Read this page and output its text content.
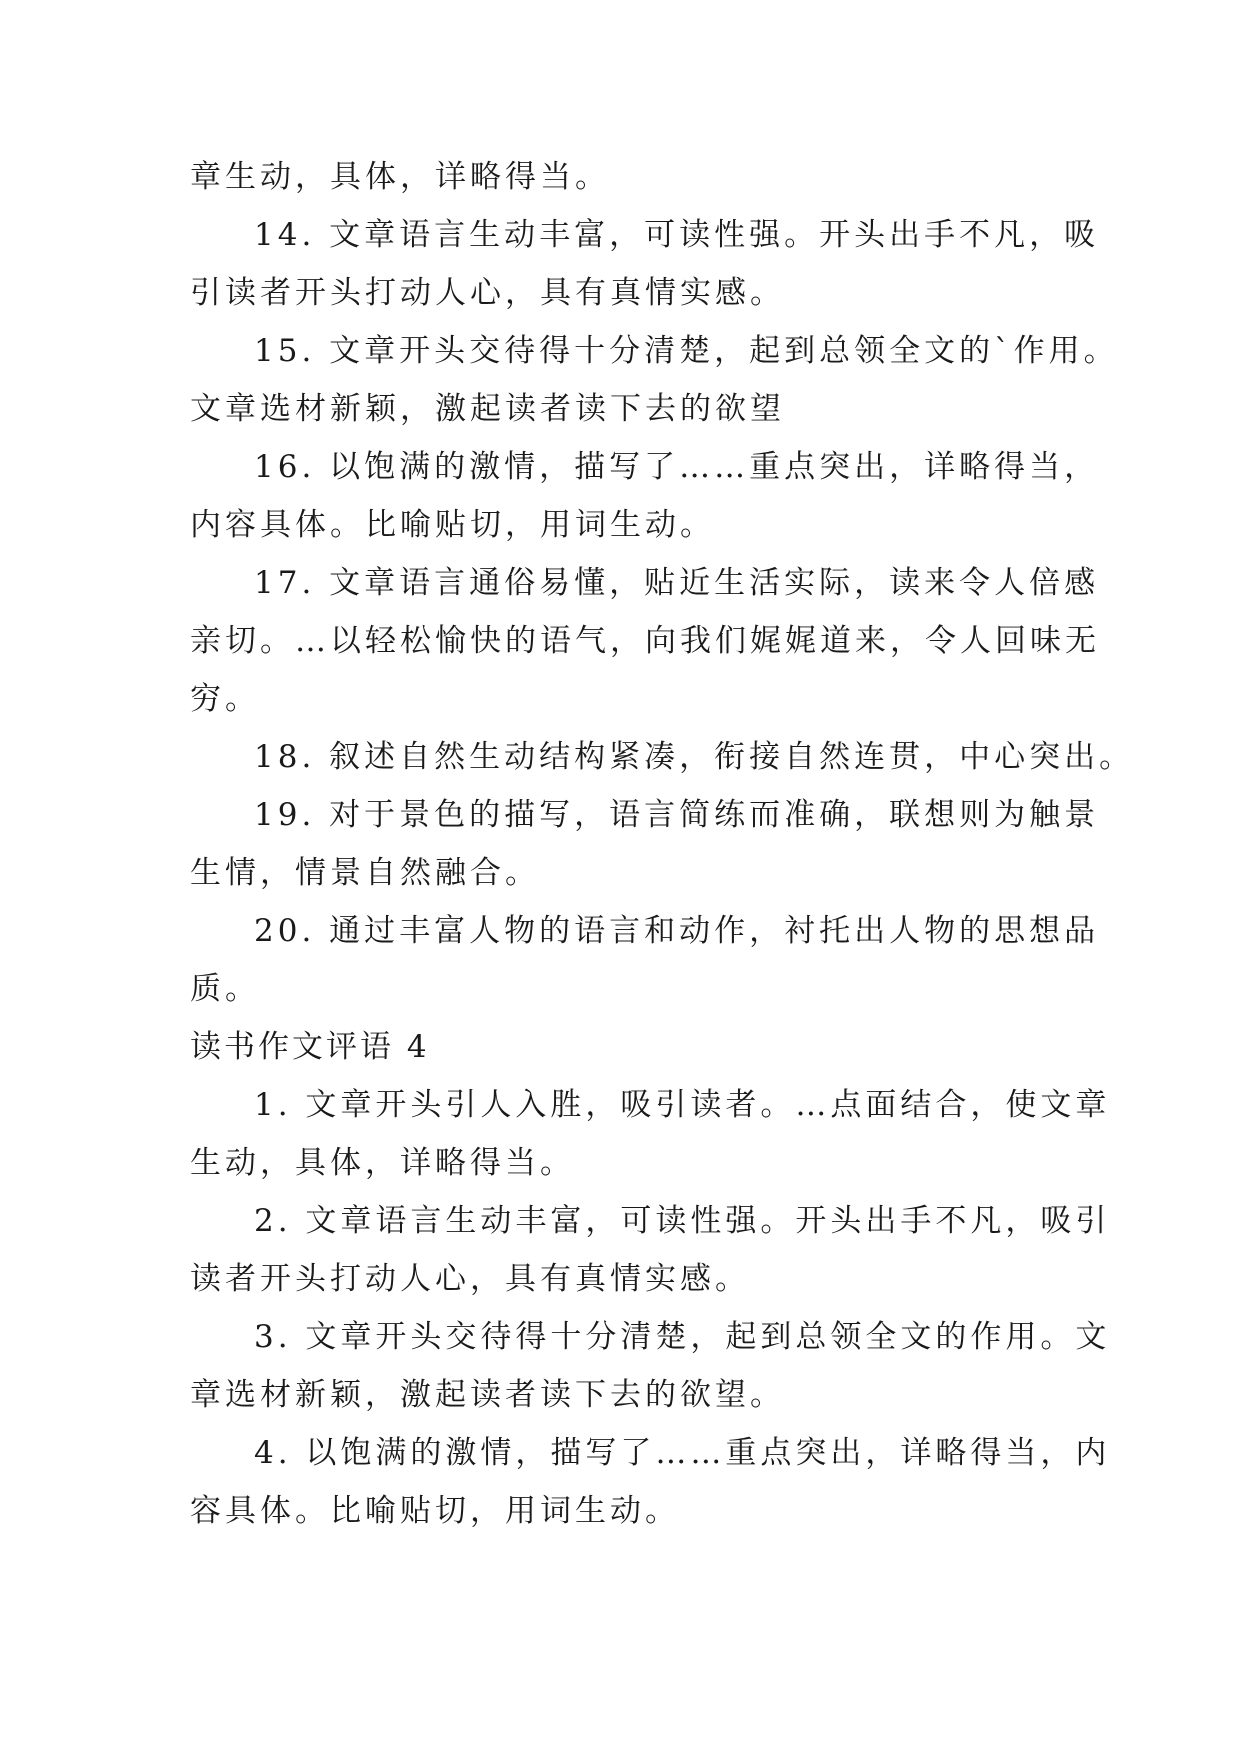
章生动，具体，详略得当。
14. 文章语言生动丰富，可读性强。开头出手不凡，吸
引读者开头打动人心，具有真情实感。
15. 文章开头交待得十分清楚，起到总领全文的`作用。
文章选材新颖，激起读者读下去的欲望
16. 以饱满的激情，描写了……重点突出，详略得当，
内容具体。比喻贴切，用词生动。
17. 文章语言通俗易懂，贴近生活实际，读来令人倍感
亲切。…以轻松愉快的语气，向我们娓娓道来，令人回味无
穷。
18. 叙述自然生动结构紧凑，衔接自然连贯，中心突出。
19. 对于景色的描写，语言简练而准确，联想则为触景
生情，情景自然融合。
20. 通过丰富人物的语言和动作，衬托出人物的思想品
质。
读书作文评语 4
1. 文章开头引人入胜，吸引读者。…点面结合，使文章
生动，具体，详略得当。
2. 文章语言生动丰富，可读性强。开头出手不凡，吸引
读者开头打动人心，具有真情实感。
3. 文章开头交待得十分清楚，起到总领全文的作用。文
章选材新颖，激起读者读下去的欲望。
4. 以饱满的激情，描写了……重点突出，详略得当，内
容具体。比喻贴切，用词生动。
